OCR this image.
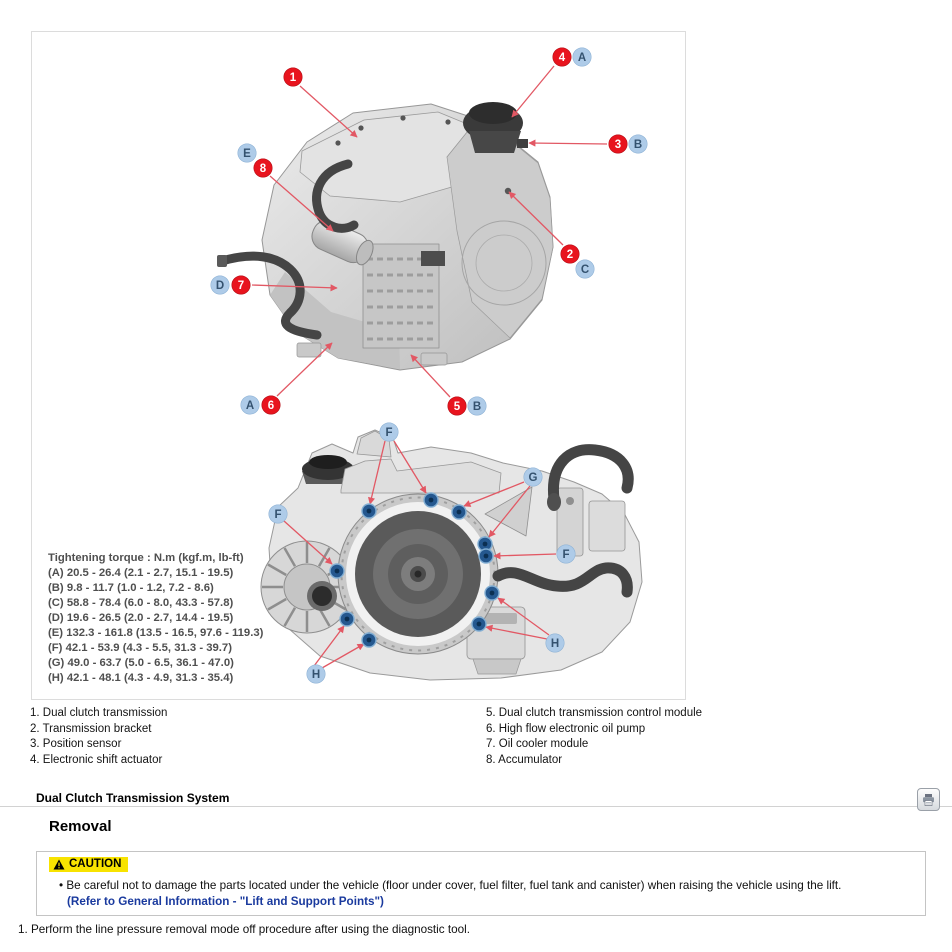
1
4 A
3 B
E
8
2
C
D 7
A 6	5 B
F
G
F
F
H
H
Tightening torque : N.m (kgf.m, lb-ft)
(A) 20.5 - 26.4 (2.1 - 2.7, 15.1 - 19.5)
(B) 9.8 - 11.7 (1.0 - 1.2, 7.2 - 8.6)
(C) 58.8 - 78.4 (6.0 - 8.0, 43.3 - 57.8)
(D) 19.6 - 26.5 (2.0 - 2.7, 14.4 - 19.5)
(E) 132.3 - 161.8 (13.5 - 16.5, 97.6 - 119.3)
(F) 42.1 - 53.9 (4.3 - 5.5, 31.3 - 39.7)
(G) 49.0 - 63.7 (5.0 - 6.5, 36.1 - 47.0)
(H) 42.1 - 48.1 (4.3 - 4.9, 31.3 - 35.4)
1. Dual clutch transmission
2. Transmission bracket
3. Position sensor
4. Electronic shift actuator
5. Dual clutch transmission control module
6. High flow electronic oil pump
7. Oil cooler module
8. Accumulator
Dual Clutch Transmission System
Removal
CAUTION
• Be careful not to damage the parts located under the vehicle (floor under cover, fuel filter, fuel tank and canister) when raising the vehicle using the lift.
(Refer to General Information - "Lift and Support Points")
1. Perform the line pressure removal mode off procedure after using the diagnostic tool.
